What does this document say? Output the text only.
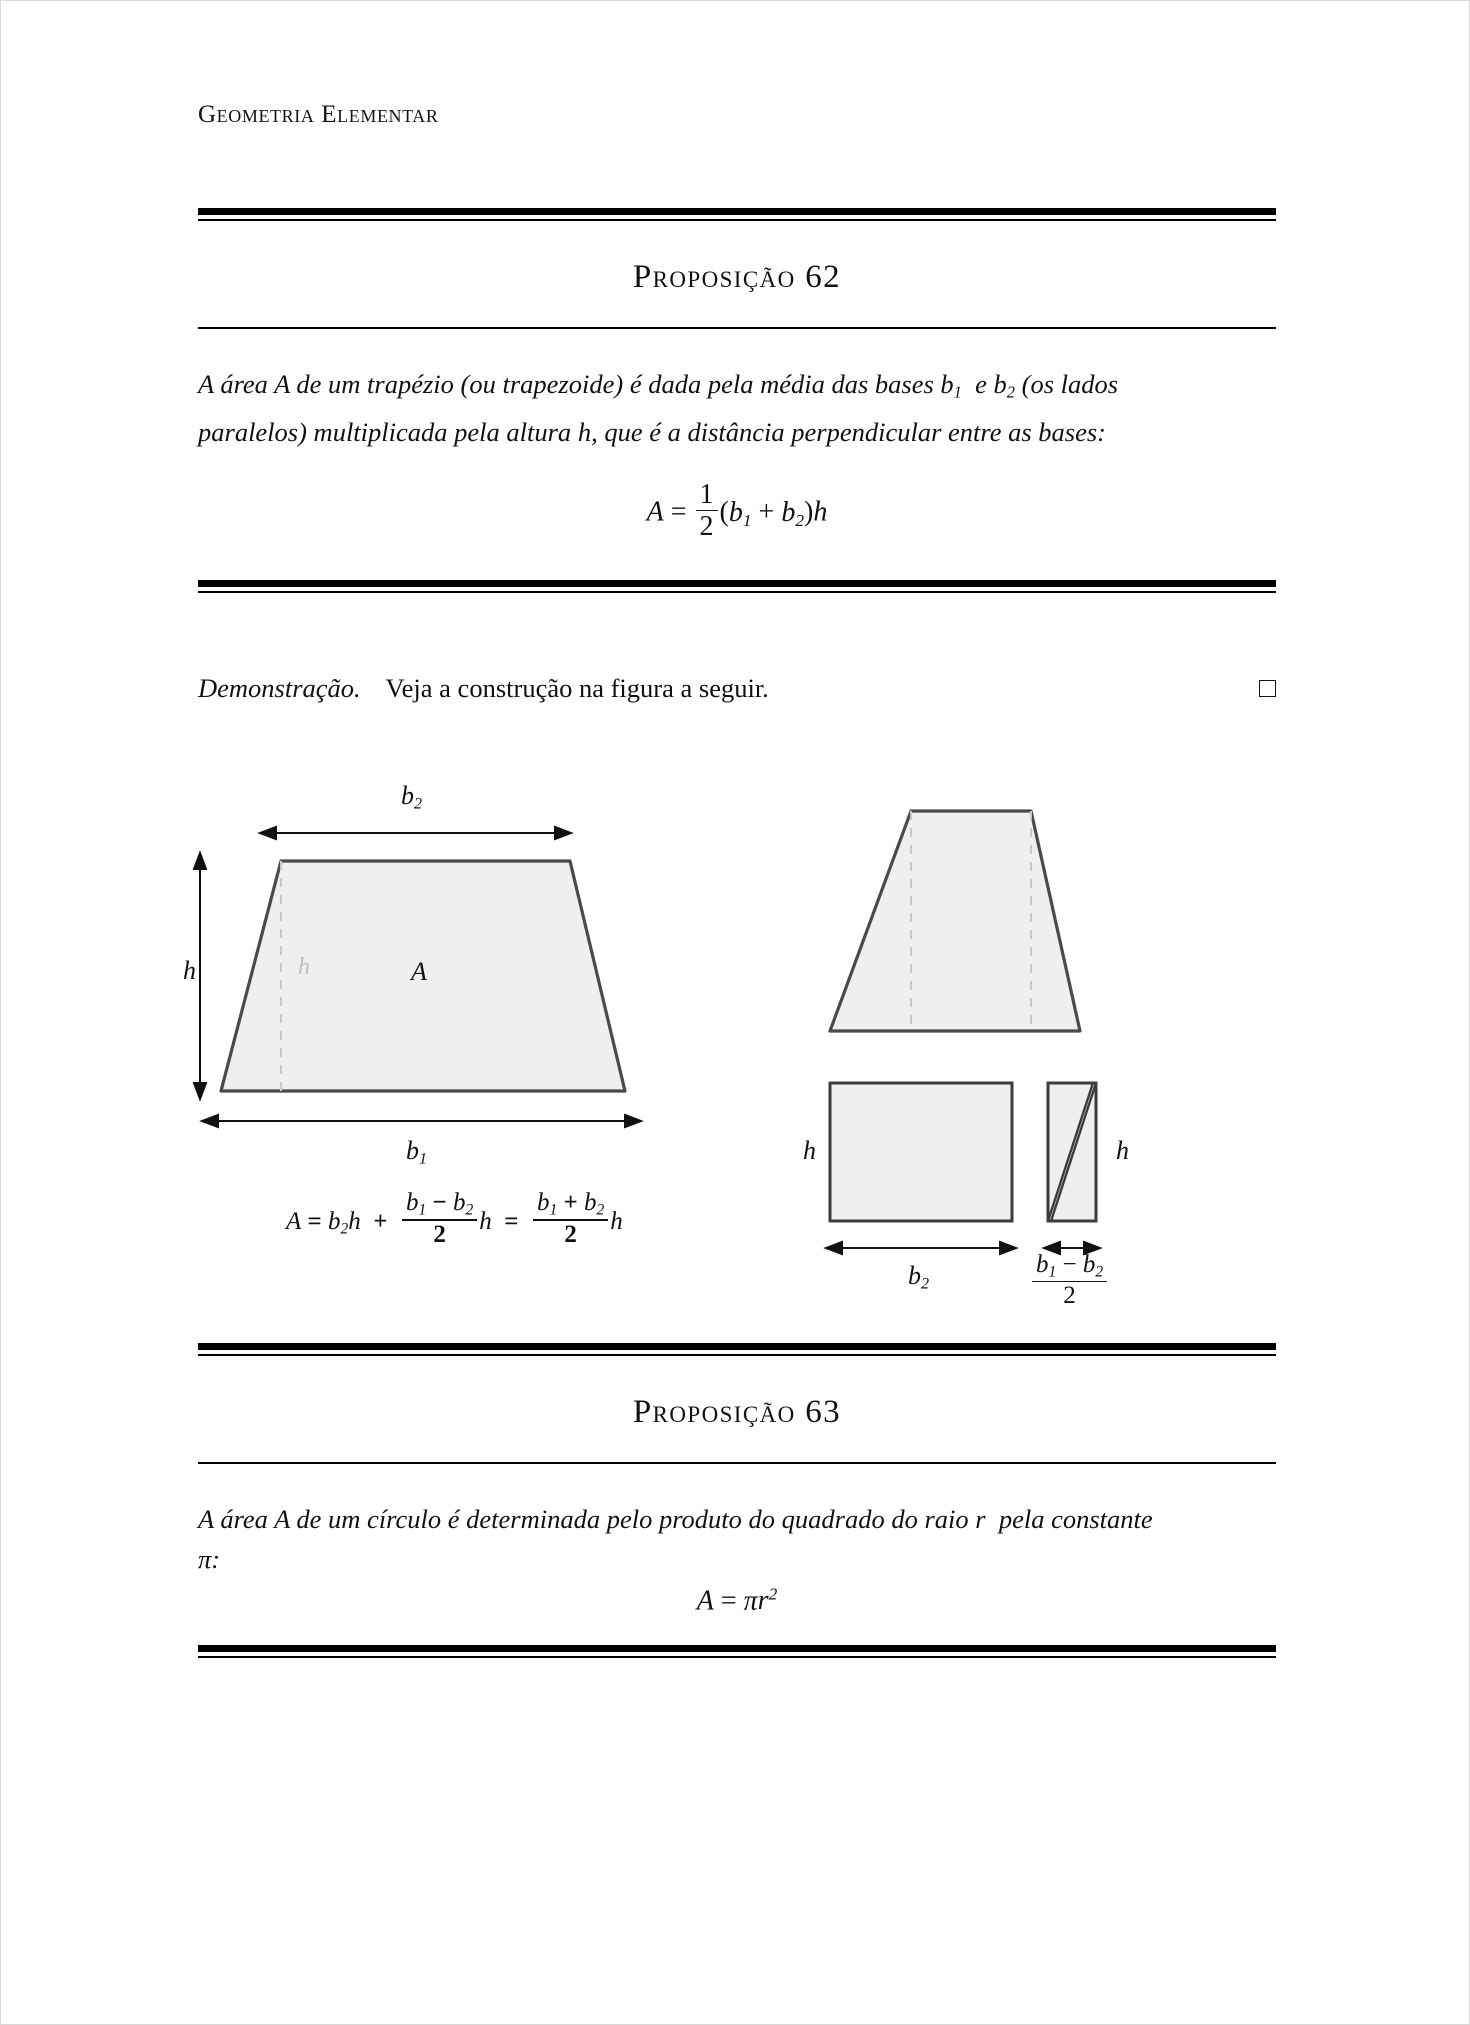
Geometria Elementar
Proposição 62
A área A de um trapézio (ou trapezoide) é dada pela média das bases $b_1$  e $b_2$ (os lados
paralelos) multiplicada pela altura h, que é a distância perpendicular entre as bases:
$A = \frac{1}{2} (b_1 + b_2)h$
Demonstração. Veja a construção na figura a seguir.
h	h	A
$b_2$
$b_1$	h
$b_2$
h
$\frac{b_1 - b_2}{2}$
$A = b_2h + \frac{b_1 - b_2}{2}$ $h = \frac{b_1 + b_2}{2}$ h
Proposição 63
A área A de um círculo é determinada pelo produto do quadrado do raio r  pela constante
π:
$A = \pi r^2$
